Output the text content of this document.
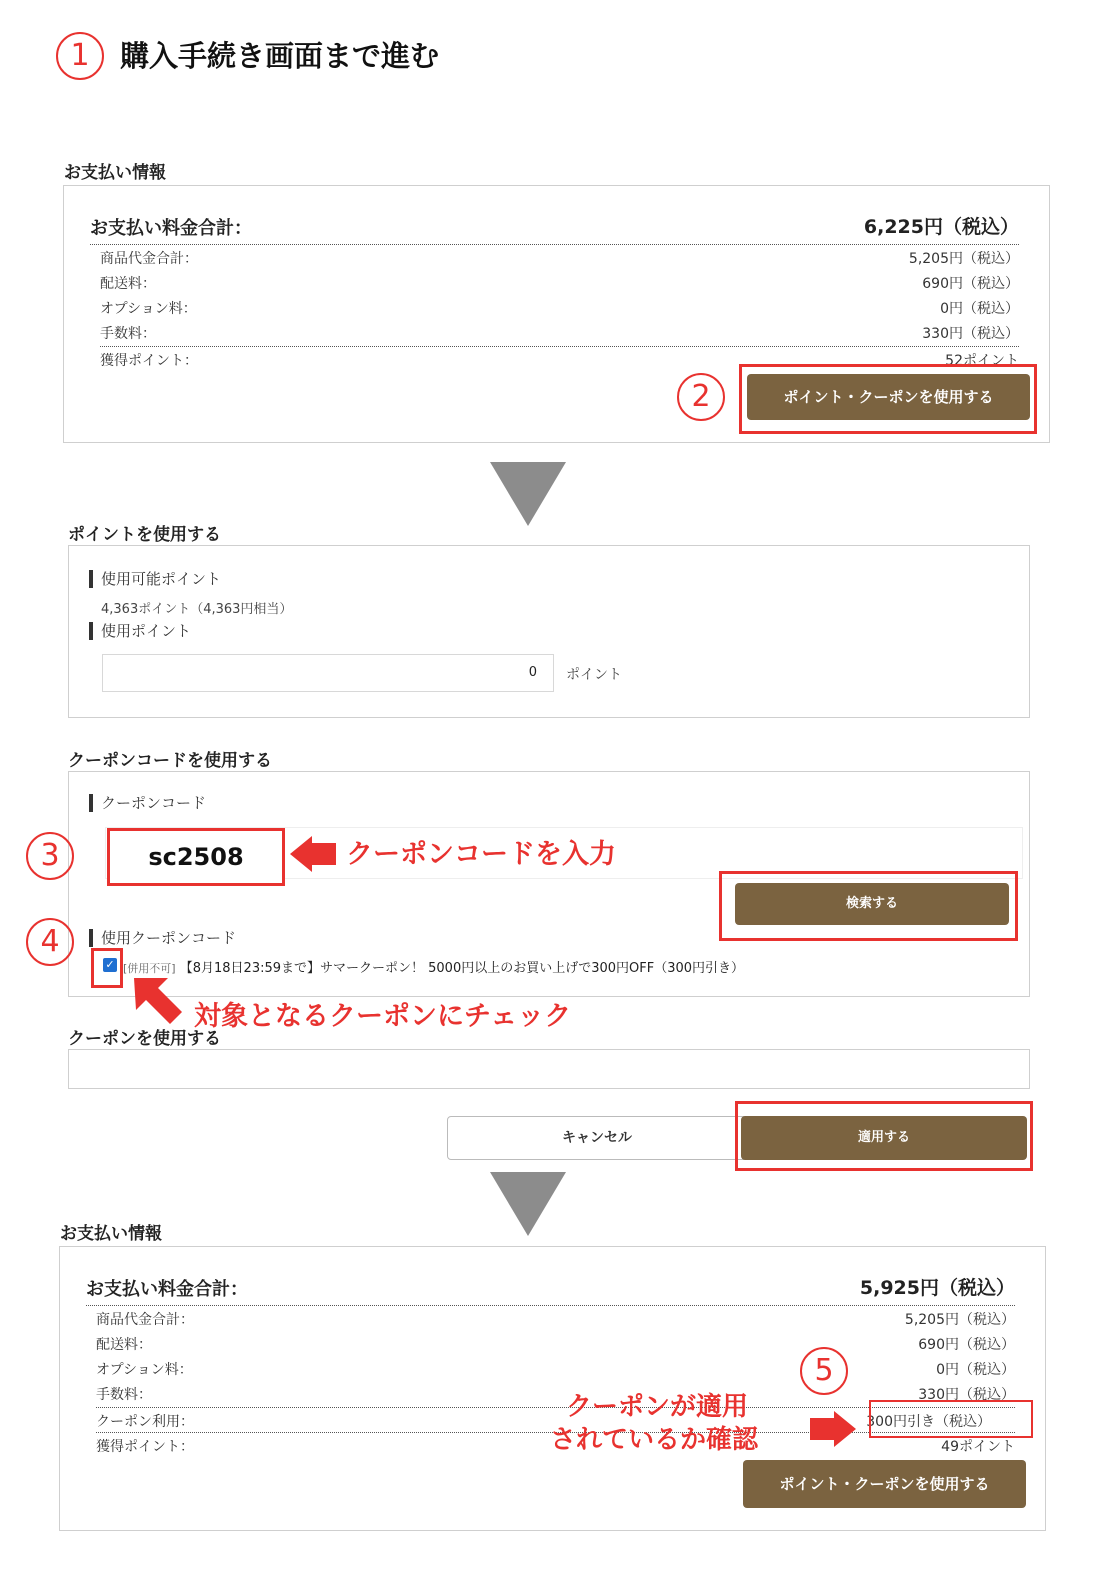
1	購入手続き画面まで進む
お支払い情報
お支払い料金合計：	6,225円（税込）
商品代金合計：	5,205円（税込）
配送料：	690円（税込）
オプション料：	0円（税込）
手数料：	330円（税込）
獲得ポイント：	52ポイント
ポイント・クーポンを使用する
2
ポイントを使用する
使用可能ポイント
4,363ポイント（4,363円相当）
使用ポイント
0 ポイント
クーポンコードを使用する
クーポンコード
sc2508
検索する
使用クーポンコード
✓ [併用不可] 【8月18日23:59まで】サマークーポン！ 5000円以上のお買い上げで300円OFF（300円引き）
3	クーポンコードを入力
4
対象となるクーポンにチェック
クーポンを使用する
キャンセル	適用する
お支払い情報
お支払い料金合計：	5,925円（税込）
商品代金合計：	5,205円（税込）
配送料：	690円（税込）
オプション料：	0円（税込）
手数料：	330円（税込）
クーポン利用：	300円引き（税込）
獲得ポイント：	49ポイント
ポイント・クーポンを使用する
5
クーポンが適用
されているか確認
